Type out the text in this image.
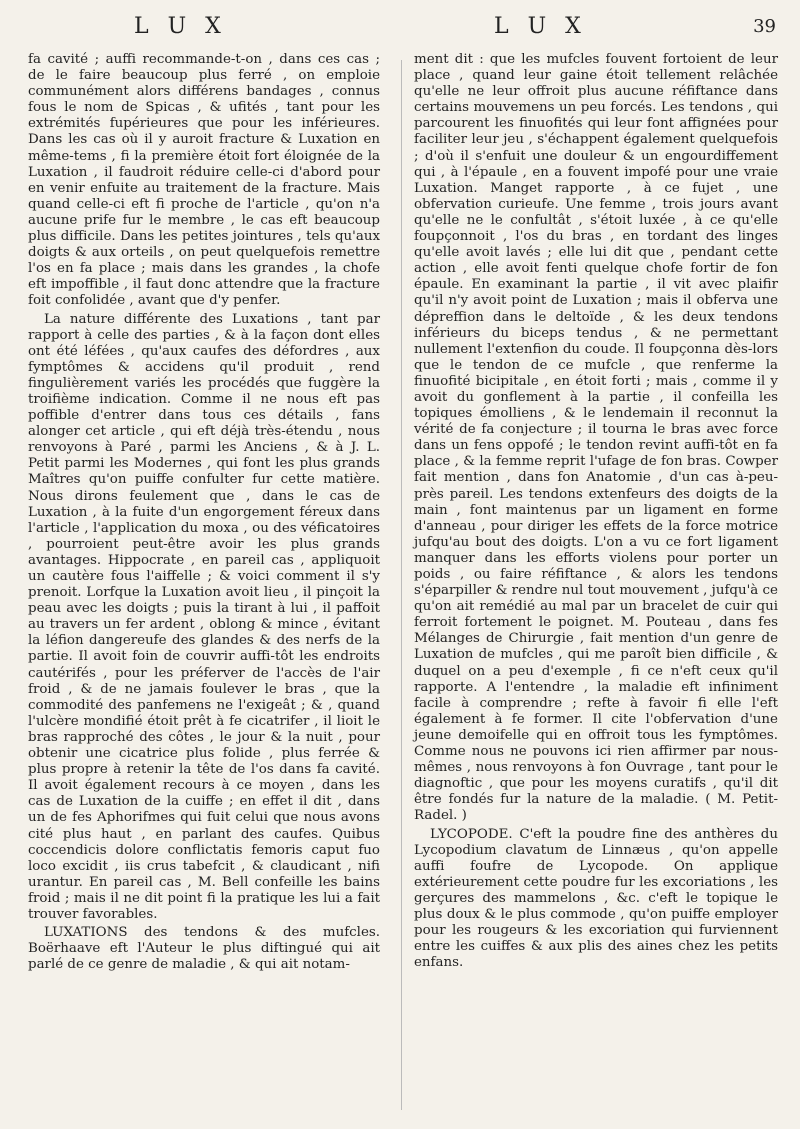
L U X	L U X	39

fa cavité ; auffi recommande-t-on , dans ces cas ; de le faire beaucoup plus ferré , on emploie communément alors différens bandages , connus fous le nom de Spicas , & ufités , tant pour les extrémités fupérieures que pour les inférieures. Dans les cas où il y auroit fracture & Luxation en même-tems , fi la première étoit fort éloignée de la Luxation , il faudroit réduire celle-ci d'abord pour en venir enfuite au traitement de la fracture. Mais quand celle-ci eft fi proche de l'article , qu'on n'a aucune prife fur le membre , le cas eft beaucoup plus difficile. Dans les petites jointures , tels qu'aux doigts & aux orteils , on peut quelquefois remettre l'os en fa place ; mais dans les grandes , la chofe eft impoffible , il faut donc attendre que la fracture foit confolidée , avant que d'y penfer.

La nature différente des Luxations , tant par rapport à celle des parties , & à la façon dont elles ont été léfées , qu'aux caufes des défordres , aux fymptômes & accidens qu'il produit , rend fingulièrement variés les procédés que fuggère la troifième indication. Comme il ne nous eft pas poffible d'entrer dans tous ces détails , fans alonger cet article , qui eft déjà très-étendu , nous renvoyons à Paré , parmi les Anciens , & à J. L. Petit parmi les Modernes , qui font les plus grands Maîtres qu'on puiffe confulter fur cette matière. Nous dirons feulement que , dans le cas de Luxation , à la fuite d'un engorgement féreux dans l'article , l'application du moxa , ou des véficatoires , pourroient peut-être avoir les plus grands avantages. Hippocrate , en pareil cas , appliquoit un cautère fous l'aiffelle ; & voici comment il s'y prenoit. Lorfque la Luxation avoit lieu , il pinçoit la peau avec les doigts ; puis la tirant à lui , il paffoit au travers un fer ardent , oblong & mince , évitant la léfion dangereufe des glandes & des nerfs de la partie. Il avoit foin de couvrir auffi-tôt les endroits cautérifés , pour les préferver de l'accès de l'air froid , & de ne jamais foulever le bras , que la commodité des panfemens ne l'exigeât ; & , quand l'ulcère mondifié étoit prêt à fe cicatrifer , il lioit le bras rapproché des côtes , le jour & la nuit , pour obtenir une cicatrice plus folide , plus ferrée & plus propre à retenir la tête de l'os dans fa cavité. Il avoit également recours à ce moyen , dans les cas de Luxation de la cuiffe ; en effet il dit , dans un de fes Aphorifmes qui fuit celui que nous avons cité plus haut , en parlant des caufes. Quibus coccendicis dolore conflictatis femoris caput fuo loco excidit , iis crus tabefcit , & claudicant , nifi urantur. En pareil cas , M. Bell confeille les bains froid ; mais il ne dit point fi la pratique les lui a fait trouver favorables.

LUXATIONS des tendons & des mufcles. Boërhaave eft l'Auteur le plus diftingué qui ait parlé de ce genre de maladie , & qui ait notam-

ment dit : que les mufcles fouvent fortoient de leur place , quand leur gaine étoit tellement relâchée qu'elle ne leur offroit plus aucune réfiftance dans certains mouvemens un peu forcés. Les tendons , qui parcourent les finuofités qui leur font affignées pour faciliter leur jeu , s'échappent également quelquefois ; d'où il s'enfuit une douleur & un engourdiffement qui , à l'épaule , en a fouvent impofé pour une vraie Luxation. Manget rapporte , à ce fujet , une obfervation curieufe. Une femme , trois jours avant qu'elle ne le confultât , s'étoit luxée , à ce qu'elle foupçonnoit , l'os du bras , en tordant des linges qu'elle avoit lavés ; elle lui dit que , pendant cette action , elle avoit fenti quelque chofe fortir de fon épaule. En examinant la partie , il vit avec plaifir qu'il n'y avoit point de Luxation ; mais il obferva une dépreffion dans le deltoïde , & les deux tendons inférieurs du biceps tendus , & ne permettant nullement l'extenfion du coude. Il foupçonna dès-lors que le tendon de ce mufcle , que renferme la finuofité bicipitale , en étoit forti ; mais , comme il y avoit du gonflement à la partie , il confeilla les topiques émolliens , & le lendemain il reconnut la vérité de fa conjecture ; il tourna le bras avec force dans un fens oppofé ; le tendon revint auffi-tôt en fa place , & la femme reprit l'ufage de fon bras. Cowper fait mention , dans fon Anatomie , d'un cas à-peu-près pareil. Les tendons extenfeurs des doigts de la main , font maintenus par un ligament en forme d'anneau , pour diriger les effets de la force motrice jufqu'au bout des doigts. L'on a vu ce fort ligament manquer dans les efforts violens pour porter un poids , ou faire réfiftance , & alors les tendons s'éparpiller & rendre nul tout mouvement , jufqu'à ce qu'on ait remédié au mal par un bracelet de cuir qui ferroit fortement le poignet. M. Pouteau , dans fes Mélanges de Chirurgie , fait mention d'un genre de Luxation de mufcles , qui me paroît bien difficile , & duquel on a peu d'exemple , fi ce n'eft ceux qu'il rapporte. A l'entendre , la maladie eft infiniment facile à comprendre ; refte à favoir fi elle l'eft également à fe former. Il cite l'obfervation d'une jeune demoifelle qui en offroit tous les fymptômes. Comme nous ne pouvons ici rien affirmer par nous-mêmes , nous renvoyons à fon Ouvrage , tant pour le diagnoftic , que pour les moyens curatifs , qu'il dit être fondés fur la nature de la maladie. ( M. Petit-Radel. )

LYCOPODE. C'eft la poudre fine des anthères du Lycopodium clavatum de Linnæus , qu'on appelle auffi foufre de Lycopode. On applique extérieurement cette poudre fur les excoriations , les gerçures des mammelons , &c. c'eft le topique le plus doux & le plus commode , qu'on puiffe employer pour les rougeurs & les excoriation qui furviennent entre les cuiffes & aux plis des aines chez les petits enfans.
